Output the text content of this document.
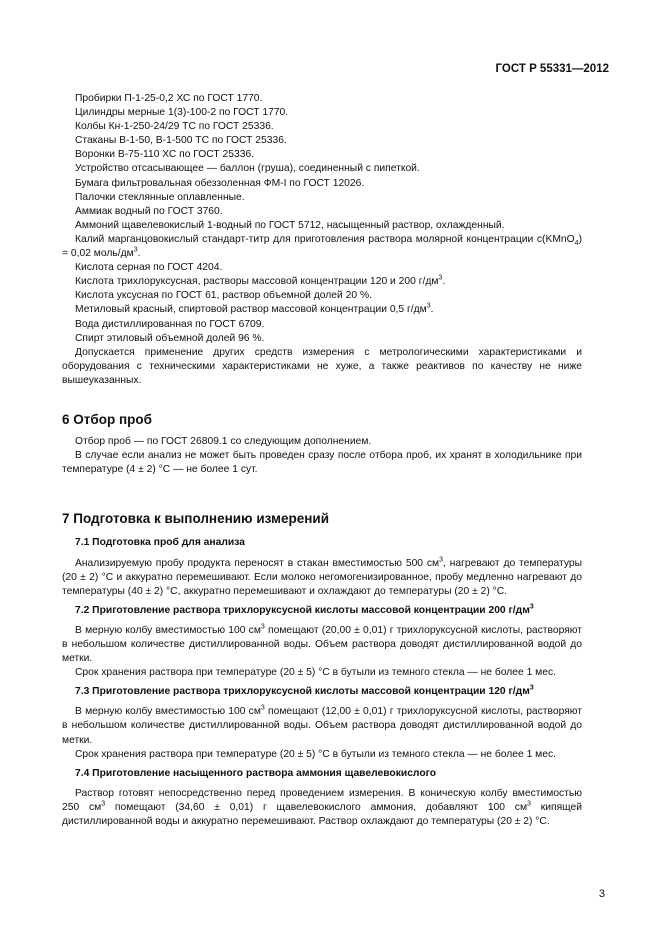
ГОСТ Р 55331—2012

Пробирки П-1-25-0,2 ХС по ГОСТ 1770.

Цилиндры мерные 1(3)-100-2 по ГОСТ 1770.

Колбы Кн-1-250-24/29 ТС по ГОСТ 25336.

Стаканы В-1-50, В-1-500 ТС по ГОСТ 25336.

Воронки В-75-110 ХС по ГОСТ 25336.

Устройство отсасывающее — баллон (груша), соединенный с пипеткой.

Бумага фильтровальная обеззоленная ФМ-I по ГОСТ 12026.

Палочки стеклянные оплавленные.

Аммиак водный по ГОСТ 3760.

Аммоний щавелевокислый 1-водный по ГОСТ 5712, насыщенный раствор, охлажденный.

Калий марганцовокислый стандарт-титр для приготовления раствора молярной концентрации c(KMnO$_4$) = 0,02 моль/$дм^3$.

Кислота серная по ГОСТ 4204.

Кислота трихлоруксусная, растворы массовой концентрации 120 и 200 $г/дм^3$.

Кислота уксусная по ГОСТ 61, раствор объемной долей 20 %.

Метиловый красный, спиртовой раствор массовой концентрации 0,5 $г/дм^3$.

Вода дистиллированная по ГОСТ 6709.

Спирт этиловый объемной долей 96 %.

Допускается применение других средств измерения с метрологическими характеристиками и оборудования с техническими характеристиками не хуже, а также реактивов по качеству не ниже вышеуказанных.

6 Отбор проб

Отбор проб — по ГОСТ 26809.1 со следующим дополнением.

В случае если анализ не может быть проведен сразу после отбора проб, их хранят в холодильнике при температуре (4 ± 2) °С — не более 1 сут.

7 Подготовка к выполнению измерений
7.1 Подготовка проб для анализа

Анализируемую пробу продукта переносят в стакан вместимостью 500 $см^3$, нагревают до температуры (20 ± 2) °С и аккуратно перемешивают. Если молоко негомогенизированное, пробу медленно нагревают до температуры (40 ± 2) °С, аккуратно перемешивают и охлаждают до температуры (20 ± 2) °С.

7.2 Приготовление раствора трихлоруксусной кислоты массовой концентрации 200 $г/дм^3$

В мерную колбу вместимостью 100 $см^3$ помещают (20,00 ± 0,01) г трихлоруксусной кислоты, растворяют в небольшом количестве дистиллированной воды. Объем раствора доводят дистиллированной водой до метки.

Срок хранения раствора при температуре (20 ± 5) °С в бутыли из темного стекла — не более 1 мес.

7.3 Приготовление раствора трихлоруксусной кислоты массовой концентрации 120 $г/дм^3$

В мерную колбу вместимостью 100 $см^3$ помещают (12,00 ± 0,01) г трихлоруксусной кислоты, растворяют в небольшом количестве дистиллированной воды. Объем раствора доводят дистиллированной водой до метки.

Срок хранения раствора при температуре (20 ± 5) °С в бутыли из темного стекла — не более 1 мес.

7.4 Приготовление насыщенного раствора аммония щавелевокислого

Раствор готовят непосредственно перед проведением измерения. В коническую колбу вместимостью 250 $см^3$ помещают (34,60 ± 0,01) г щавелевокислого аммония, добавляют 100 $см^3$ кипящей дистиллированной воды и аккуратно перемешивают. Раствор охлаждают до температуры (20 ± 2) °С.

3
